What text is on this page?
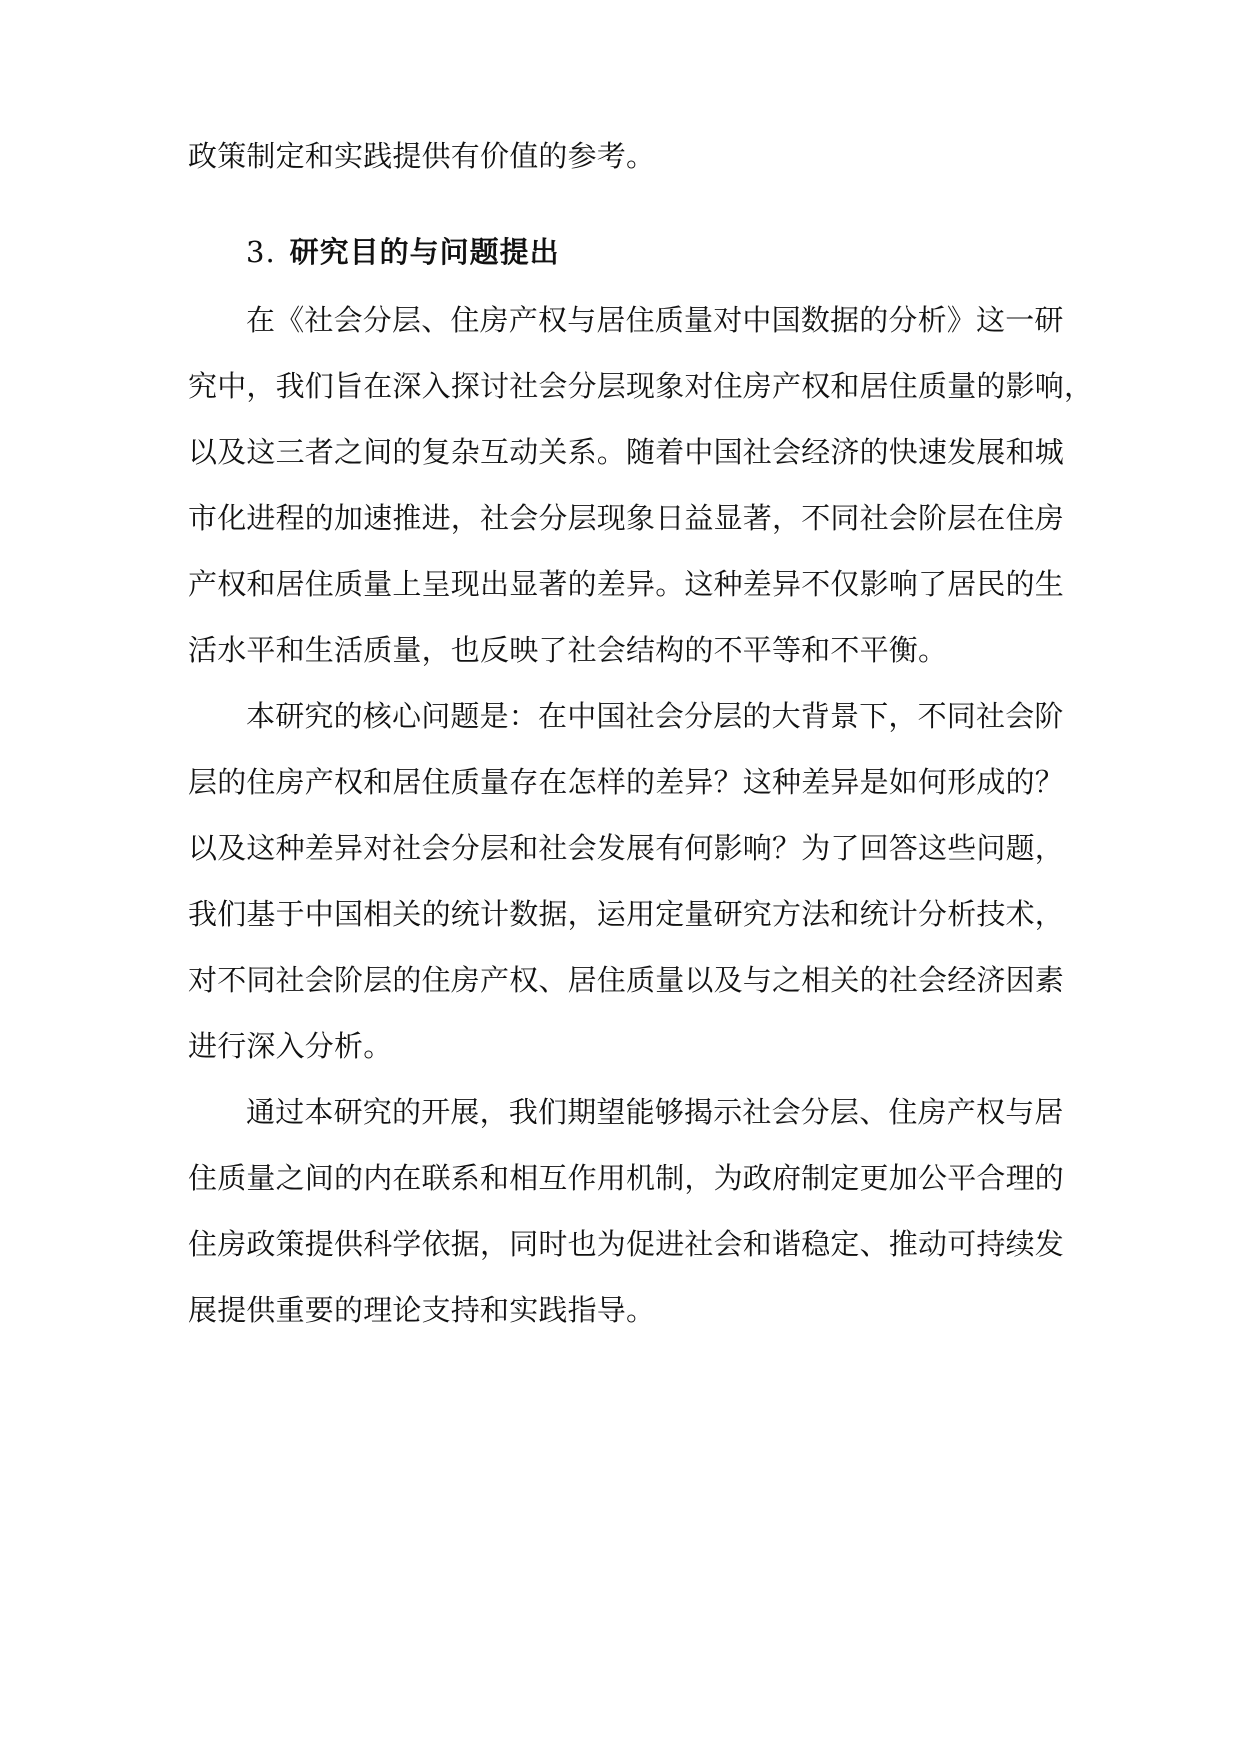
政策制定和实践提供有价值的参考。
3. 研究目的与问题提出
在《社会分层、住房产权与居住质量对中国数据的分析》这一研
究中，我们旨在深入探讨社会分层现象对住房产权和居住质量的影响，
以及这三者之间的复杂互动关系。随着中国社会经济的快速发展和城
市化进程的加速推进，社会分层现象日益显著，不同社会阶层在住房
产权和居住质量上呈现出显著的差异。这种差异不仅影响了居民的生
活水平和生活质量，也反映了社会结构的不平等和不平衡。
本研究的核心问题是：在中国社会分层的大背景下，不同社会阶
层的住房产权和居住质量存在怎样的差异？这种差异是如何形成的？
以及这种差异对社会分层和社会发展有何影响？为了回答这些问题，
我们基于中国相关的统计数据，运用定量研究方法和统计分析技术，
对不同社会阶层的住房产权、居住质量以及与之相关的社会经济因素
进行深入分析。
通过本研究的开展，我们期望能够揭示社会分层、住房产权与居
住质量之间的内在联系和相互作用机制，为政府制定更加公平合理的
住房政策提供科学依据，同时也为促进社会和谐稳定、推动可持续发
展提供重要的理论支持和实践指导。
